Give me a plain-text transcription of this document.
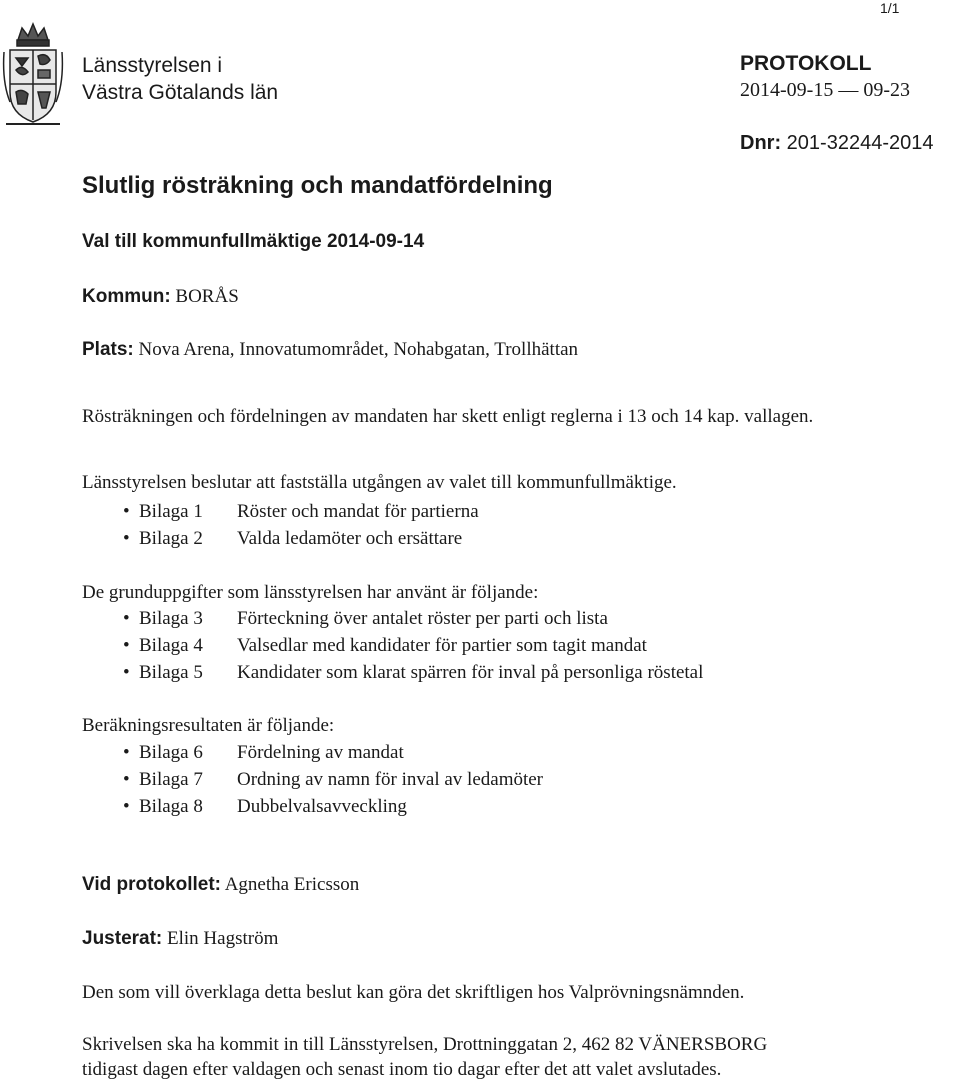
1/1
Länsstyrelsen i
Västra Götalands län
PROTOKOLL
2014-09-15 — 09-23
Dnr: 201-32244-2014
Slutlig rösträkning och mandatfördelning
Val till kommunfullmäktige 2014-09-14
Kommun: BORÅS
Plats: Nova Arena, Innovatumområdet, Nohabgatan, Trollhättan
Rösträkningen och fördelningen av mandaten har skett enligt reglerna i 13 och 14 kap. vallagen.
Länsstyrelsen beslutar att fastställa utgången av valet till kommunfullmäktige.
• Bilaga 1 Röster och mandat för partierna
• Bilaga 2 Valda ledamöter och ersättare
De grunduppgifter som länsstyrelsen har använt är följande:
• Bilaga 3 Förteckning över antalet röster per parti och lista
• Bilaga 4 Valsedlar med kandidater för partier som tagit mandat
• Bilaga 5 Kandidater som klarat spärren för inval på personliga röstetal
Beräkningsresultaten är följande:
• Bilaga 6 Fördelning av mandat
• Bilaga 7 Ordning av namn för inval av ledamöter
• Bilaga 8 Dubbelvalsavveckling
Vid protokollet: Agnetha Ericsson
Justerat: Elin Hagström
Den som vill överklaga detta beslut kan göra det skriftligen hos Valprövningsnämnden.
Skrivelsen ska ha kommit in till Länsstyrelsen, Drottninggatan 2, 462 82 VÄNERSBORG
tidigast dagen efter valdagen och senast inom tio dagar efter det att valet avslutades.
